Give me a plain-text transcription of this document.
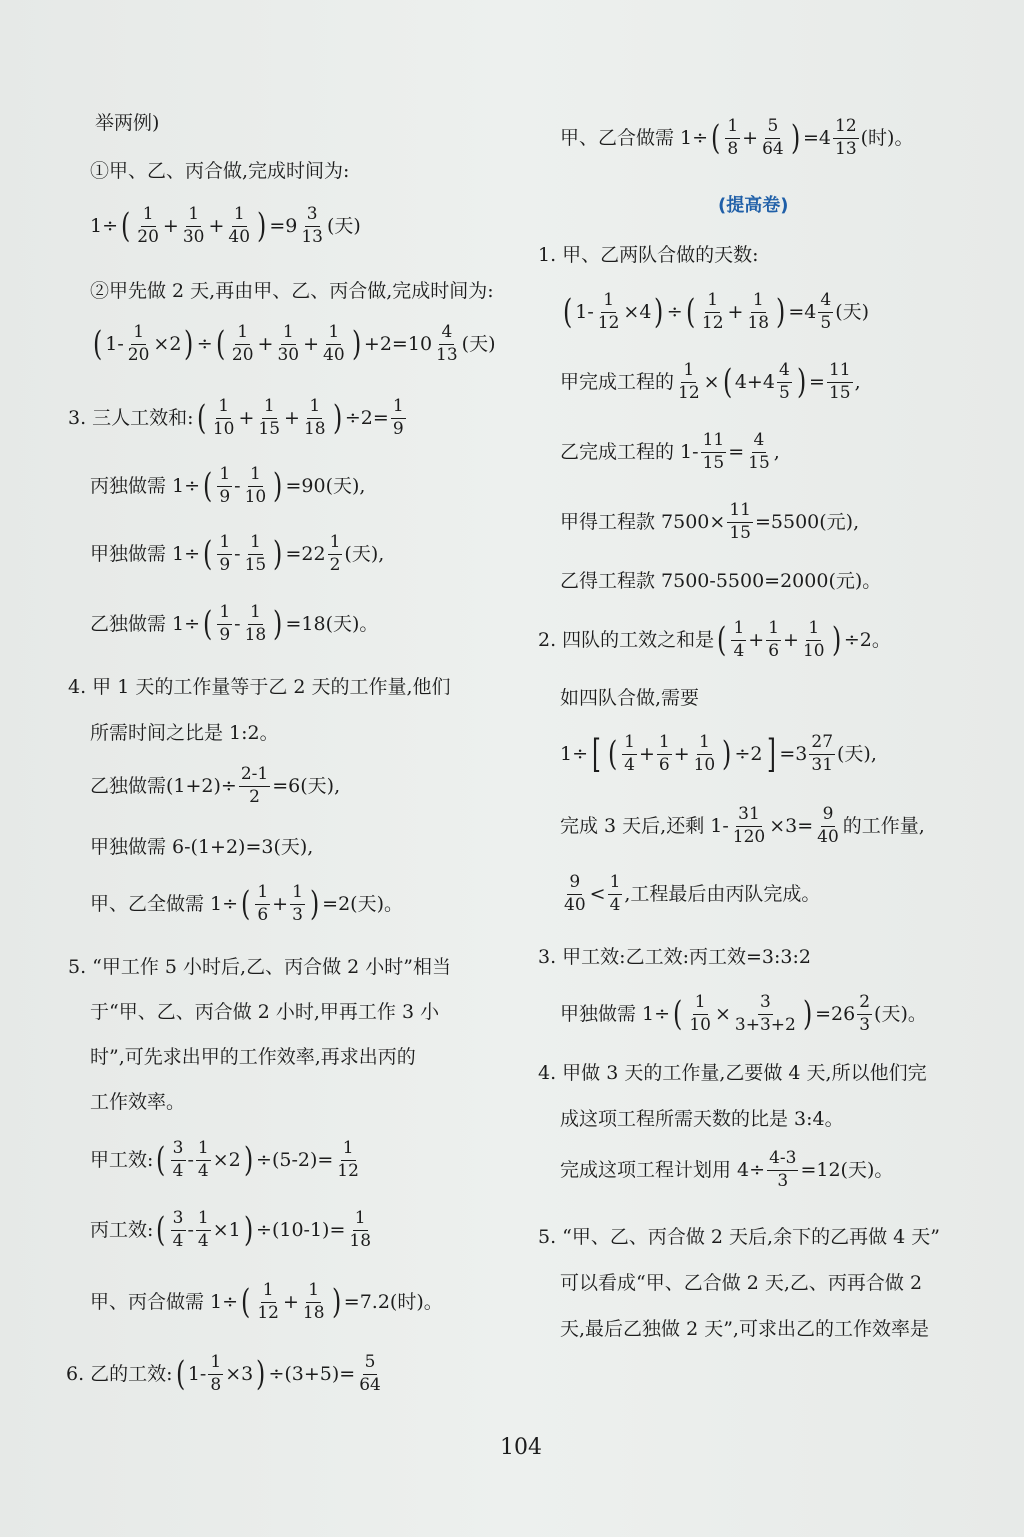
举两例)
①甲、乙、丙合做,完成时间为:
1÷ ( $\frac{1}{20} + \frac{1}{30} + \frac{1}{40}$ ) $=9 \frac{3}{13}$ (天)
②甲先做 2 天,再由甲、乙、丙合做,完成时间为:
( $1- \frac{1}{20} \times 2$ ) ÷ ( $\frac{1}{20} + \frac{1}{30} + \frac{1}{40}$ ) $+2=10 \frac{4}{13}$ (天)
3. 三人工效和: ( $\frac{1}{10} + \frac{1}{15} + \frac{1}{18}$ ) $\div 2= \frac{1}{9}$
丙独做需 1÷ ( $\frac{1}{9} - \frac{1}{10}$ ) =90(天),
甲独做需 1÷ ( $\frac{1}{9} - \frac{1}{15}$ ) $=22 \frac{1}{2}$ (天),
乙独做需 1÷ ( $\frac{1}{9} - \frac{1}{18}$ ) =18(天)。
4. 甲 1 天的工作量等于乙 2 天的工作量,他们
所需时间之比是 1:2。
乙独做需$(1+2)\div \frac{2-1}{2} =6$(天),
甲独做需 6-(1+2)=3(天),
甲、乙全做需 1÷ ( $\frac{1}{6} + \frac{1}{3}$ ) =2(天)。
5. “甲工作 5 小时后,乙、丙合做 2 小时”相当
于“甲、乙、丙合做 2 小时,甲再工作 3 小
时”,可先求出甲的工作效率,再求出丙的
工作效率。
甲工效: ( $\frac{3}{4} - \frac{1}{4} \times 2$ ) $\div(5-2)= \frac{1}{12}$
丙工效: ( $\frac{3}{4} - \frac{1}{4} \times 1$ ) $\div(10-1)= \frac{1}{18}$
甲、丙合做需 1÷ ( $\frac{1}{12} + \frac{1}{18}$ ) =7.2(时)。
6. 乙的工效: ( $1- \frac{1}{8} \times 3$ ) $\div(3+5)= \frac{5}{64}$
甲、乙合做需 1÷ ( $\frac{1}{8} + \frac{5}{64}$ ) $=4 \frac{12}{13}$ (时)。
(提高卷)
1. 甲、乙两队合做的天数:
( $1- \frac{1}{12} \times 4$ ) ÷ ( $\frac{1}{12} + \frac{1}{18}$ ) $=4 \frac{4}{5}$ (天)
甲完成工程的 $\frac{1}{12}$ × ( $4+4 \frac{4}{5}$ ) = $\frac{11}{15}$ ,
乙完成工程的 $1- \frac{11}{15} = \frac{4}{15}$ ,
甲得工程款 $7500\times \frac{11}{15} =5500$(元),
乙得工程款 7500-5500=2000(元)。
2. 四队的工效之和是 ( $\frac{1}{4} + \frac{1}{6} + \frac{1}{10}$ ) ÷2。
如四队合做,需要
1÷ [ ( $\frac{1}{4} + \frac{1}{6} + \frac{1}{10}$ ) ÷2 ] $=3 \frac{27}{31}$ (天),
完成 3 天后,还剩 $1- \frac{31}{120} \times 3= \frac{9}{40}$ 的工作量,
$\frac{9}{40} < \frac{1}{4}$ ,工程最后由丙队完成。
3. 甲工效:乙工效:丙工效=3:3:2
甲独做需 1÷ ( $\frac{1}{10} \times \frac{3}{3+3+2}$ ) $=26 \frac{2}{3}$ (天)。
4. 甲做 3 天的工作量,乙要做 4 天,所以他们完
成这项工程所需天数的比是 3:4。
完成这项工程计划用 $4\div \frac{4-3}{3} =12$(天)。
5. “甲、乙、丙合做 2 天后,余下的乙再做 4 天”
可以看成“甲、乙合做 2 天,乙、丙再合做 2
天,最后乙独做 2 天”,可求出乙的工作效率是
104
